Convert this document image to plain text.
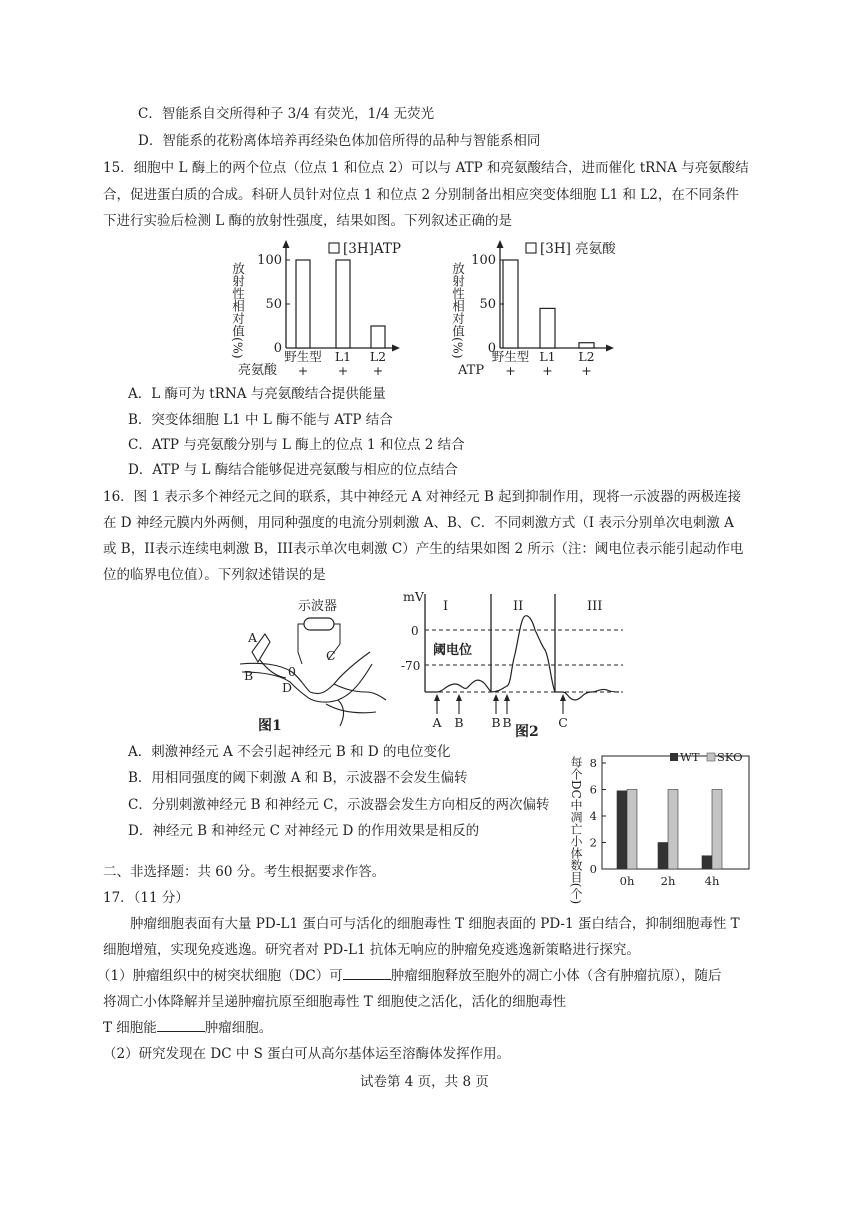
C．智能系自交所得种子 3/4 有荧光，1/4 无荧光
D．智能系的花粉离体培养再经染色体加倍所得的品种与智能系相同
15．细胞中 L 酶上的两个位点（位点 1 和位点 2）可以与 ATP 和亮氨酸结合，进而催化 tRNA 与亮氨酸结
合，促进蛋白质的合成。科研人员针对位点 1 和位点 2 分别制备出相应突变体细胞 L1 和 L2，在不同条件
下进行实验后检测 L 酶的放射性强度，结果如图。下列叙述正确的是
放射性相对值(%) 0
50
100
[3H]ATP
亮氨酸
野生型
+
L1
+
L2
+
放射性相对值(%) 0
50
100
[3H] 亮氨酸
ATP
野生型
+
L1
+
L2
+
A．L 酶可为 tRNA 与亮氨酸结合提供能量
B．突变体细胞 L1 中 L 酶不能与 ATP 结合
C．ATP 与亮氨酸分别与 L 酶上的位点 1 和位点 2 结合
D．ATP 与 L 酶结合能够促进亮氨酸与相应的位点结合
16．图 1 表示多个神经元之间的联系，其中神经元 A 对神经元 B 起到抑制作用，现将一示波器的两极连接
在 D 神经元膜内外两侧，用同种强度的电流分别刺激 A、B、C．不同刺激方式（I 表示分别单次电刺激 A
或 B，II表示连续电刺激 B，III表示单次电刺激 C）产生的结果如图 2 所示（注：阈电位表示能引起动作电
位的临界电位值）。下列叙述错误的是
示波器
A
B
C
D
0
图1
mV
I	II	III
0
-70
阈电位
A B B B	C
图2
A．刺激神经元 A 不会引起神经元 B 和 D 的电位变化
B．用相同强度的阈下刺激 A 和 B，示波器不会发生偏转
C．分别刺激神经元 B 和神经元 C，示波器会发生方向相反的两次偏转
D．神经元 B 和神经元 C 对神经元 D 的作用效果是相反的	每个DC中凋亡小体数目(个) 0
2
4
6
8
0h 2h	4h
WT SKO
二、非选择题：共 60 分。考生根据要求作答。
17．（11 分）
肿瘤细胞表面有大量 PD-L1 蛋白可与活化的细胞毒性 T 细胞表面的 PD-1 蛋白结合，抑制细胞毒性 T
细胞增殖，实现免疫逃逸。研究者对 PD-L1 抗体无响应的肿瘤免疫逃逸新策略进行探究。
（1）肿瘤组织中的树突状细胞（DC）可	肿瘤细胞释放至胞外的凋亡小体（含有肿瘤抗原），随后
将凋亡小体降解并呈递肿瘤抗原至细胞毒性 T 细胞使之活化，活化的细胞毒性
T 细胞能	肿瘤细胞。
（2）研究发现在 DC 中 S 蛋白可从高尔基体运至溶酶体发挥作用。
试卷第 4 页，共 8 页
